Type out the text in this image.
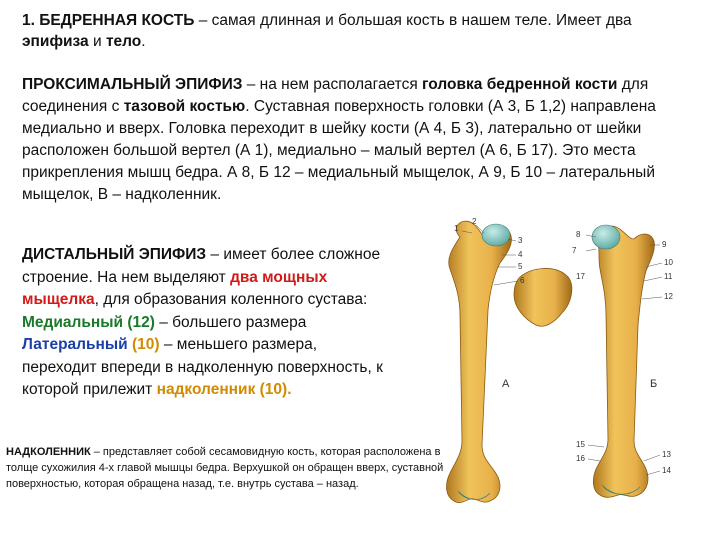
1. БЕДРЕННАЯ КОСТЬ – самая длинная и большая кость в нашем теле. Имеет два эпифиза и тело.

ПРОКСИМАЛЬНЫЙ ЭПИФИЗ – на нем располагается головка бедренной кости для соединения с тазовой костью. Суставная поверхность головки (А 3, Б 1,2) направлена медиально и вверх. Головка переходит в шейку кости (А 4, Б 3), латерально от шейки расположен большой вертел (А 1), медиально – малый вертел (А 6, Б 17). Это места прикрепления мышц бедра. А 8, Б 12 – медиальный мыщелок, А 9, Б 10 – латеральный мыщелок, В – надколенник.

ДИСТАЛЬНЫЙ ЭПИФИЗ – имеет более сложное строение. На нем выделяют два мощных мыщелка, для образования коленного сустава: Медиальный (12) – большего размера Латеральный (10) – меньшего размера, переходит впереди в надколенную поверхность, к которой прилежит надколенник (10).

НАДКОЛЕННИК – представляет собой сесамовидную кость, которая расположена в толще сухожилия 4-х главой мышцы бедра. Верхушкой он обращен вверх, суставной поверхностью, которая обращена назад, т.е. внутрь сустава – назад.

1
2
3
4
5
6
7
8
9
10
11
12
13
14
15
16
17
А	Б
